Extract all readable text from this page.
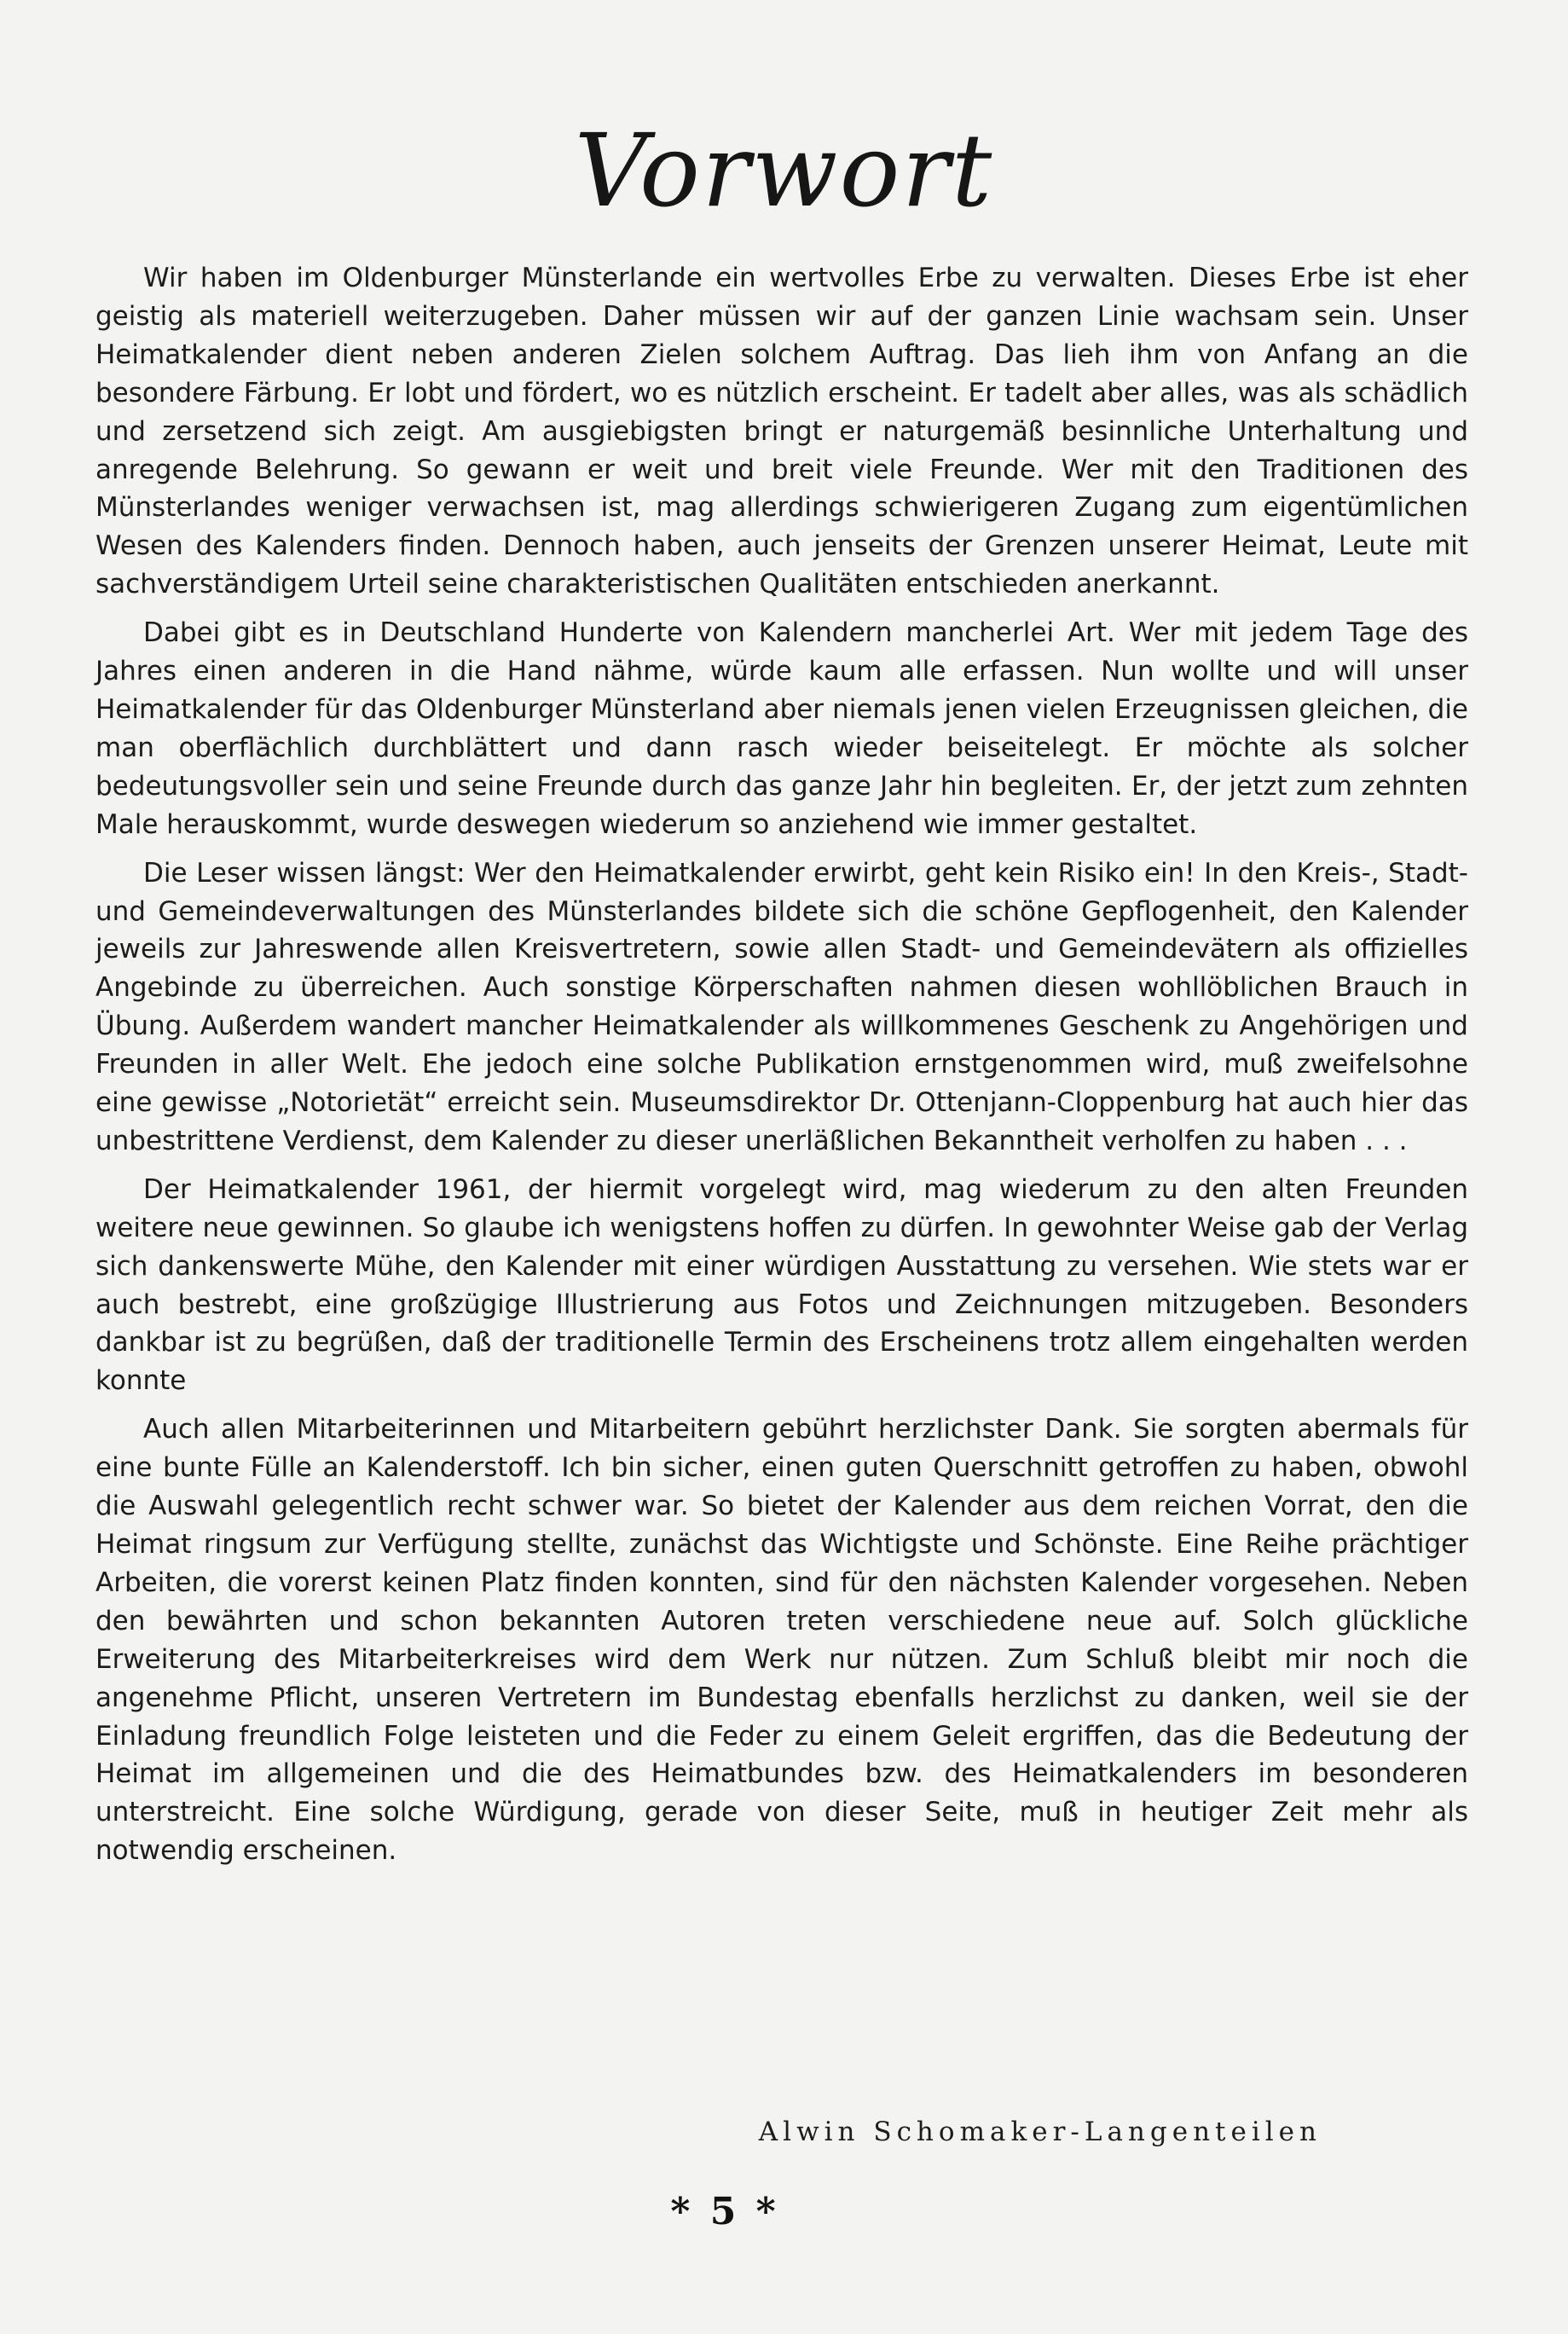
Vorwort

Wir haben im Oldenburger Münsterlande ein wertvolles Erbe zu verwalten. Dieses Erbe ist eher geistig als materiell weiterzugeben. Daher müssen wir auf der ganzen Linie wachsam sein. Unser Heimatkalender dient neben anderen Zielen solchem Auftrag. Das lieh ihm von Anfang an die besondere Färbung. Er lobt und fördert, wo es nützlich erscheint. Er tadelt aber alles, was als schädlich und zersetzend sich zeigt. Am ausgiebigsten bringt er naturgemäß besinnliche Unterhaltung und anregende Belehrung. So gewann er weit und breit viele Freunde. Wer mit den Traditionen des Münsterlandes weniger verwachsen ist, mag allerdings schwierigeren Zugang zum eigentümlichen Wesen des Kalenders finden. Dennoch haben, auch jenseits der Grenzen unserer Heimat, Leute mit sachverständigem Urteil seine charakteristischen Qualitäten entschieden anerkannt.

Dabei gibt es in Deutschland Hunderte von Kalendern mancherlei Art. Wer mit jedem Tage des Jahres einen anderen in die Hand nähme, würde kaum alle erfassen. Nun wollte und will unser Heimatkalender für das Oldenburger Münsterland aber niemals jenen vielen Erzeugnissen gleichen, die man oberflächlich durchblättert und dann rasch wieder beiseitelegt. Er möchte als solcher bedeutungsvoller sein und seine Freunde durch das ganze Jahr hin begleiten. Er, der jetzt zum zehnten Male herauskommt, wurde deswegen wiederum so anziehend wie immer gestaltet.

Die Leser wissen längst: Wer den Heimatkalender erwirbt, geht kein Risiko ein! In den Kreis-, Stadt- und Gemeindeverwaltungen des Münsterlandes bildete sich die schöne Gepflogenheit, den Kalender jeweils zur Jahreswende allen Kreisvertretern, sowie allen Stadt- und Gemeindevätern als offizielles Angebinde zu überreichen. Auch sonstige Körperschaften nahmen diesen wohllöblichen Brauch in Übung. Außerdem wandert mancher Heimatkalender als willkommenes Geschenk zu Angehörigen und Freunden in aller Welt. Ehe jedoch eine solche Publikation ernstgenommen wird, muß zweifelsohne eine gewisse „Notorietät“ erreicht sein. Museumsdirektor Dr. Ottenjann-Cloppenburg hat auch hier das unbestrittene Verdienst, dem Kalender zu dieser unerläßlichen Bekanntheit verholfen zu haben . . .

Der Heimatkalender 1961, der hiermit vorgelegt wird, mag wiederum zu den alten Freunden weitere neue gewinnen. So glaube ich wenigstens hoffen zu dürfen. In gewohnter Weise gab der Verlag sich dankenswerte Mühe, den Kalender mit einer würdigen Ausstattung zu versehen. Wie stets war er auch bestrebt, eine großzügige Illustrierung aus Fotos und Zeichnungen mitzugeben. Besonders dankbar ist zu begrüßen, daß der traditionelle Termin des Erscheinens trotz allem eingehalten werden konnte

Auch allen Mitarbeiterinnen und Mitarbeitern gebührt herzlichster Dank. Sie sorgten abermals für eine bunte Fülle an Kalenderstoff. Ich bin sicher, einen guten Querschnitt getroffen zu haben, obwohl die Auswahl gelegentlich recht schwer war. So bietet der Kalender aus dem reichen Vorrat, den die Heimat ringsum zur Verfügung stellte, zunächst das Wichtigste und Schönste. Eine Reihe prächtiger Arbeiten, die vorerst keinen Platz finden konnten, sind für den nächsten Kalender vorgesehen. Neben den bewährten und schon bekannten Autoren treten verschiedene neue auf. Solch glückliche Erweiterung des Mitarbeiterkreises wird dem Werk nur nützen. Zum Schluß bleibt mir noch die angenehme Pflicht, unseren Vertretern im Bundestag ebenfalls herzlichst zu danken, weil sie der Einladung freundlich Folge leisteten und die Feder zu einem Geleit ergriffen, das die Bedeutung der Heimat im allgemeinen und die des Heimatbundes bzw. des Heimatkalenders im besonderen unterstreicht. Eine solche Würdigung, gerade von dieser Seite, muß in heutiger Zeit mehr als notwendig erscheinen.

Alwin Schomaker-Langenteilen
* 5 *
